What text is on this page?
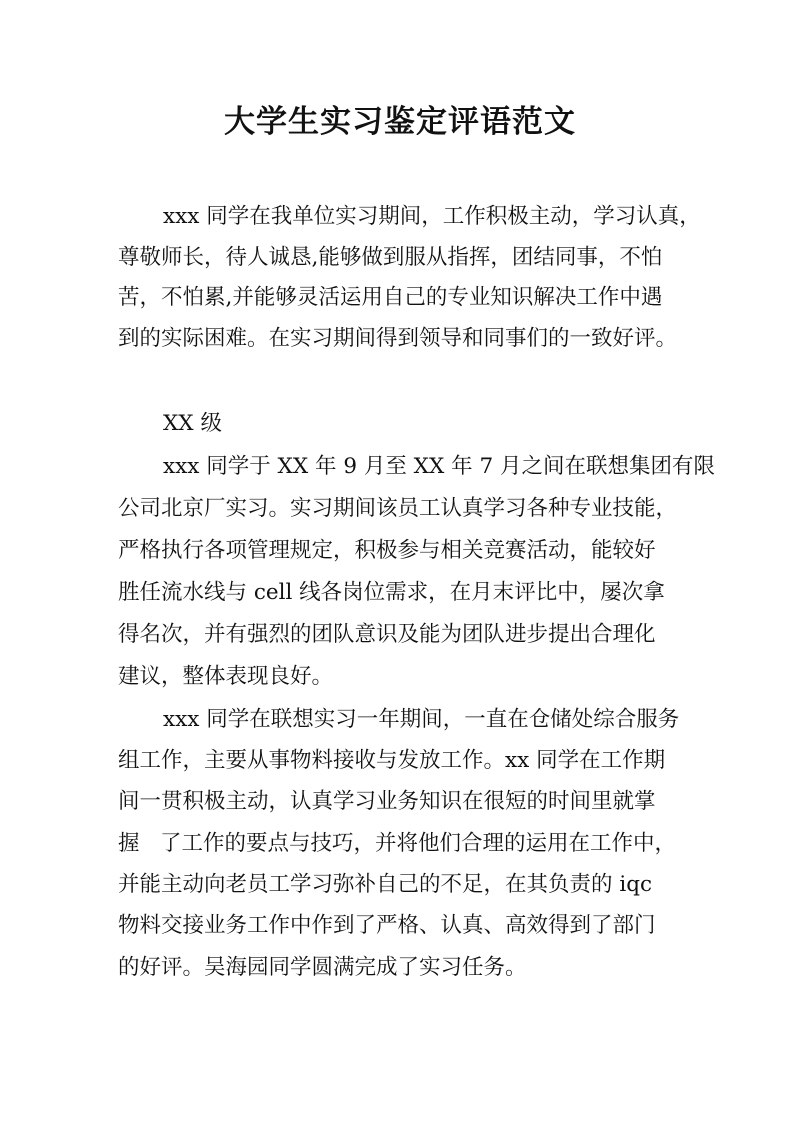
大学生实习鉴定评语范文

xxx 同学在我单位实习期间，工作积极主动，学习认真，

尊敬师长，待人诚恳,能够做到服从指挥，团结同事，不怕

苦，不怕累,并能够灵活运用自己的专业知识解决工作中遇

到的实际困难。在实习期间得到领导和同事们的一致好评。

XX 级

xxx 同学于 XX 年 9 月至 XX 年 7 月之间在联想集团有限

公司北京厂实习。实习期间该员工认真学习各种专业技能，

严格执行各项管理规定，积极参与相关竞赛活动，能较好

胜任流水线与 cell 线各岗位需求，在月末评比中，屡次拿

得名次，并有强烈的团队意识及能为团队进步提出合理化

建议，整体表现良好。

xxx 同学在联想实习一年期间，一直在仓储处综合服务

组工作，主要从事物料接收与发放工作。xx 同学在工作期

间一贯积极主动，认真学习业务知识在很短的时间里就掌

握   了工作的要点与技巧，并将他们合理的运用在工作中，

并能主动向老员工学习弥补自己的不足，在其负责的 iqc

物料交接业务工作中作到了严格、认真、高效得到了部门

的好评。吴海园同学圆满完成了实习任务。
